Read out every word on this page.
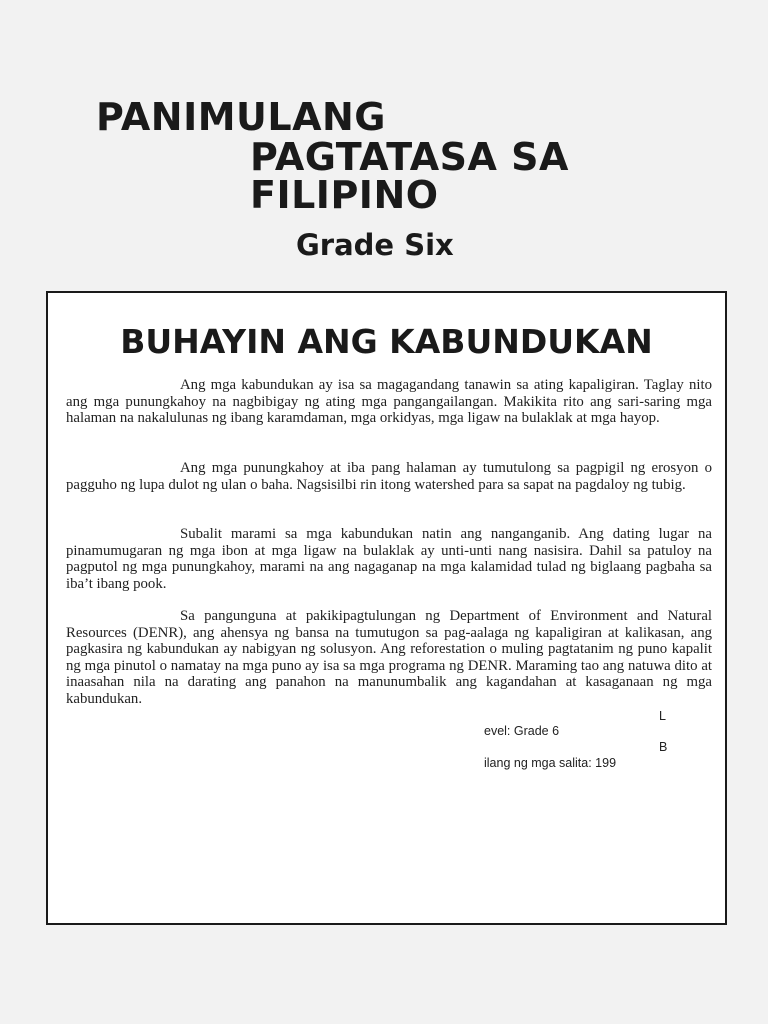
PANIMULANG
PAGTATASA SA
FILIPINO
Grade Six
BUHAYIN ANG KABUNDUKAN

Ang mga kabundukan ay isa sa magagandang tanawin sa ating kapaligiran. Taglay nito ang mga punungkahoy na nagbibigay ng ating mga pangangailangan. Makikita rito ang sari-saring mga halaman na nakalulunas ng ibang karamdaman, mga orkidyas, mga ligaw na bulaklak at mga hayop.

Ang mga punungkahoy at iba pang halaman ay tumutulong sa pagpigil ng erosyon o pagguho ng lupa dulot ng ulan o baha. Nagsisilbi rin itong watershed para sa sapat na pagdaloy ng tubig.

Subalit marami sa mga kabundukan natin ang nanganganib. Ang dating lugar na pinamumugaran ng mga ibon at mga ligaw na bulaklak ay unti-unti nang nasisira. Dahil sa patuloy na pagputol ng mga punungkahoy, marami na ang nagaganap na mga kalamidad tulad ng biglaang pagbaha sa iba’t ibang pook.

Sa pangunguna at pakikipagtulungan ng Department of Environment and Natural Resources (DENR), ang ahensya ng bansa na tumutugon sa pag-aalaga ng kapaligiran at kalikasan, ang pagkasira ng kabundukan ay nabigyan ng solusyon. Ang reforestation o muling pagtatanim ng puno kapalit ng mga pinutol o namatay na mga puno ay isa sa mga programa ng DENR. Maraming tao ang natuwa dito at inaasahan nila na darating ang panahon na manunumbalik ang kagandahan at kasaganaan ng mga kabundukan.

L
evel: Grade 6
B
ilang ng mga salita: 199
